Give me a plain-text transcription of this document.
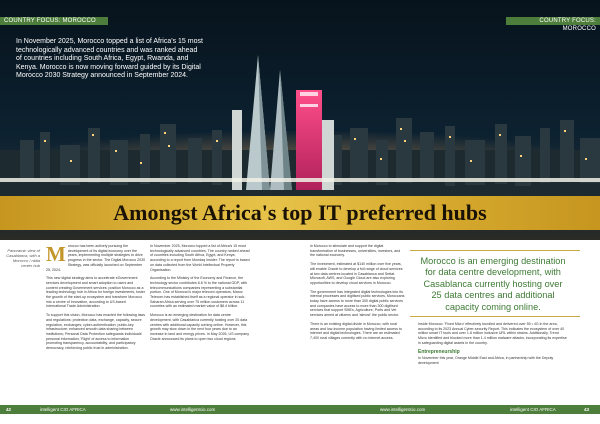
COUNTRY FOCUS: MOROCCO	COUNTRY FOCUS: MOROCCO
In November 2025, Morocco topped a list of Africa's 15 most technologically advanced countries and was ranked ahead of countries including South Africa, Egypt, Rwanda, and Kenya. Morocco is now moving forward guided by its Digital Morocco 2030 Strategy announced in September 2024.
Amongst Africa's top IT preferred hubs
Panoramic view of Casablanca, with a Morocco / nidia center hub Morocco has been actively pursuing the development of its digital economy over the years, implementing multiple strategies to drive progress in the sector. The Digital Morocco 2030 Strategy, was officially launched on September 25, 2024.

This new digital strategy aims to accelerate eGovernment services development and smart adoption to users and content creating Government services; position Morocco as a leading technology hub in Africa for foreign investments; foster the growth of the start-up ecosystem and transform Morocco into a centre of innovation, according to US-based International Trade Administration.

To support this vision, Morocco has enacted the following laws and regulations: protection data, exchange, capacity, secure regulation, exchanges; cyber-authentication; public-key infrastructure; enhanced smooth data sharing between institutions; Personal Data Protection safeguards individuals' personal information; 'Right' of access to information promoting transparency, accountability, and participatory democracy, reinforcing public trust in administration.

In November 2025, Morocco topped a list of Africa's 15 most technologically advanced countries. The country ranked ahead of countries including South Africa, Egypt, and Kenya, according to a report from Mondaq Insider. The report is based on data collected from the World Intellectual Property Organisation.

According to the Ministry of the Economy and Finance, the technology sector contributes 6.6 % to the national GDP, with telecommunications companies representing a substantial portion. One of Morocco's major telecom operators, Maroc Telecom has established itself as a regional operator in sub-Saharan Africa serving over 75 million customers across 11 countries with an estimated market value of $8.4 billion.

Morocco is an emerging destination for data centre development, with Casablanca currently hosting over 20 data centres with additional capacity coming online. However, this growth may slow down in the next four years due to an increase in land and energy prices. In May 2026, US company Oracle announced its plans to open two cloud regions

in Morocco to stimulate and support the digital transformation of businesses, universities, investors, and the national economy.

The investment, estimated at $140 million over five years, will enable Oracle to develop a full range of cloud services at two data centres located in Casablanca and Settat. Microsoft, AWS, and Google Cloud are also exploring opportunities to develop cloud services in Morocco.

The government has integrated digital technologies into its internal processes and digitised public services. Moroccans today have access to more than 300 digital public services and companies have access to more than 300 digitised services that support SMEs, Agriculture, Ports and Vet services aimed at citizens and 'almost' the public sector.

There is an existing digital divide in Morocco, with rural areas and low-income population having limited access to internet and digital technologies. There are an estimated 7,400 rural villages currently with no internet access.

Morocco is an emerging destination for data centre development, with Casablanca currently hosting over 25 data centres and additional capacity coming online.

Inside Morocco: 'Fixed Micro' effectively bundled and delivered over 55 • 4G in the area, according to its 2023 Annual Cyber-security Report. This indicates the ecosystem of over 40 million smart IT tools and over 1.8 million inclusive URL within strains. Additionally, Trend Micro identified and blocked more than 1.4 million malware attacks, incorporating its expertise in safeguarding digital assets in the country.

Entrepreneurship

In November this year, Orange Middle East and Africa, in partnership with the Deputy development

42	intelligent CIO AFRICA	www.intelligentcio.com	www.intelligentcio.com	intelligent CIO AFRICA	43
